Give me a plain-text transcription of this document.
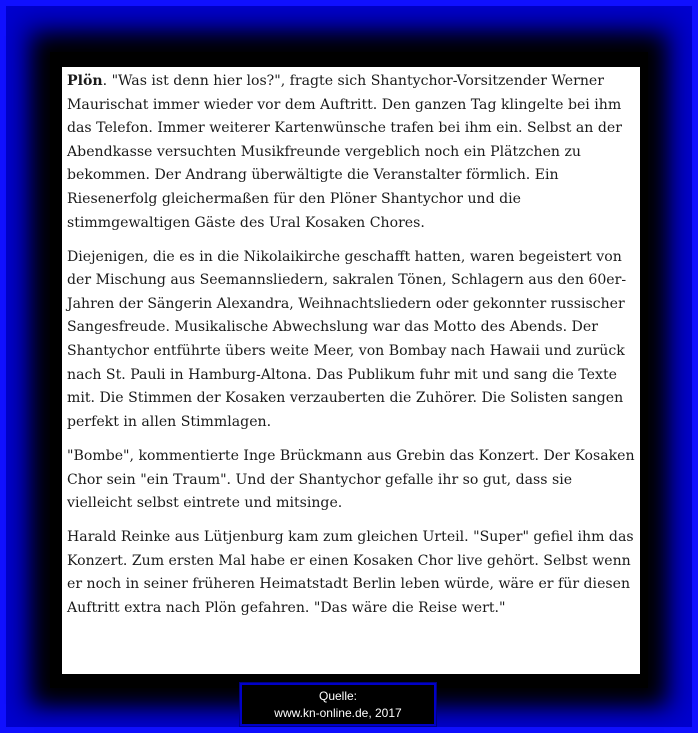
Plön. "Was ist denn hier los?", fragte sich Shantychor-Vorsitzender Werner Maurischat immer wieder vor dem Auftritt. Den ganzen Tag klingelte bei ihm das Telefon. Immer weiterer Kartenwünsche trafen bei ihm ein. Selbst an der Abendkasse versuchten Musikfreunde vergeblich noch ein Plätzchen zu bekommen. Der Andrang überwältigte die Veranstalter förmlich. Ein Riesenerfolg gleichermaßen für den Plöner Shantychor und die stimmgewaltigen Gäste des Ural Kosaken Chores.

Diejenigen, die es in die Nikolaikirche geschafft hatten, waren begeistert von der Mischung aus Seemannsliedern, sakralen Tönen, Schlagern aus den 60er-Jahren der Sängerin Alexandra, Weihnachtsliedern oder gekonnter russischer Sangesfreude. Musikalische Abwechslung war das Motto des Abends. Der Shantychor entführte übers weite Meer, von Bombay nach Hawaii und zurück nach St. Pauli in Hamburg-Altona. Das Publikum fuhr mit und sang die Texte mit. Die Stimmen der Kosaken verzauberten die Zuhörer. Die Solisten sangen perfekt in allen Stimmlagen.

"Bombe", kommentierte Inge Brückmann aus Grebin das Konzert. Der Kosaken Chor sein "ein Traum". Und der Shantychor gefalle ihr so gut, dass sie vielleicht selbst eintrete und mitsinge.

Harald Reinke aus Lütjenburg kam zum gleichen Urteil. "Super" gefiel ihm das Konzert. Zum ersten Mal habe er einen Kosaken Chor live gehört. Selbst wenn er noch in seiner früheren Heimatstadt Berlin leben würde, wäre er für diesen Auftritt extra nach Plön gefahren. "Das wäre die Reise wert."

Quelle:
www.kn-online.de, 2017
